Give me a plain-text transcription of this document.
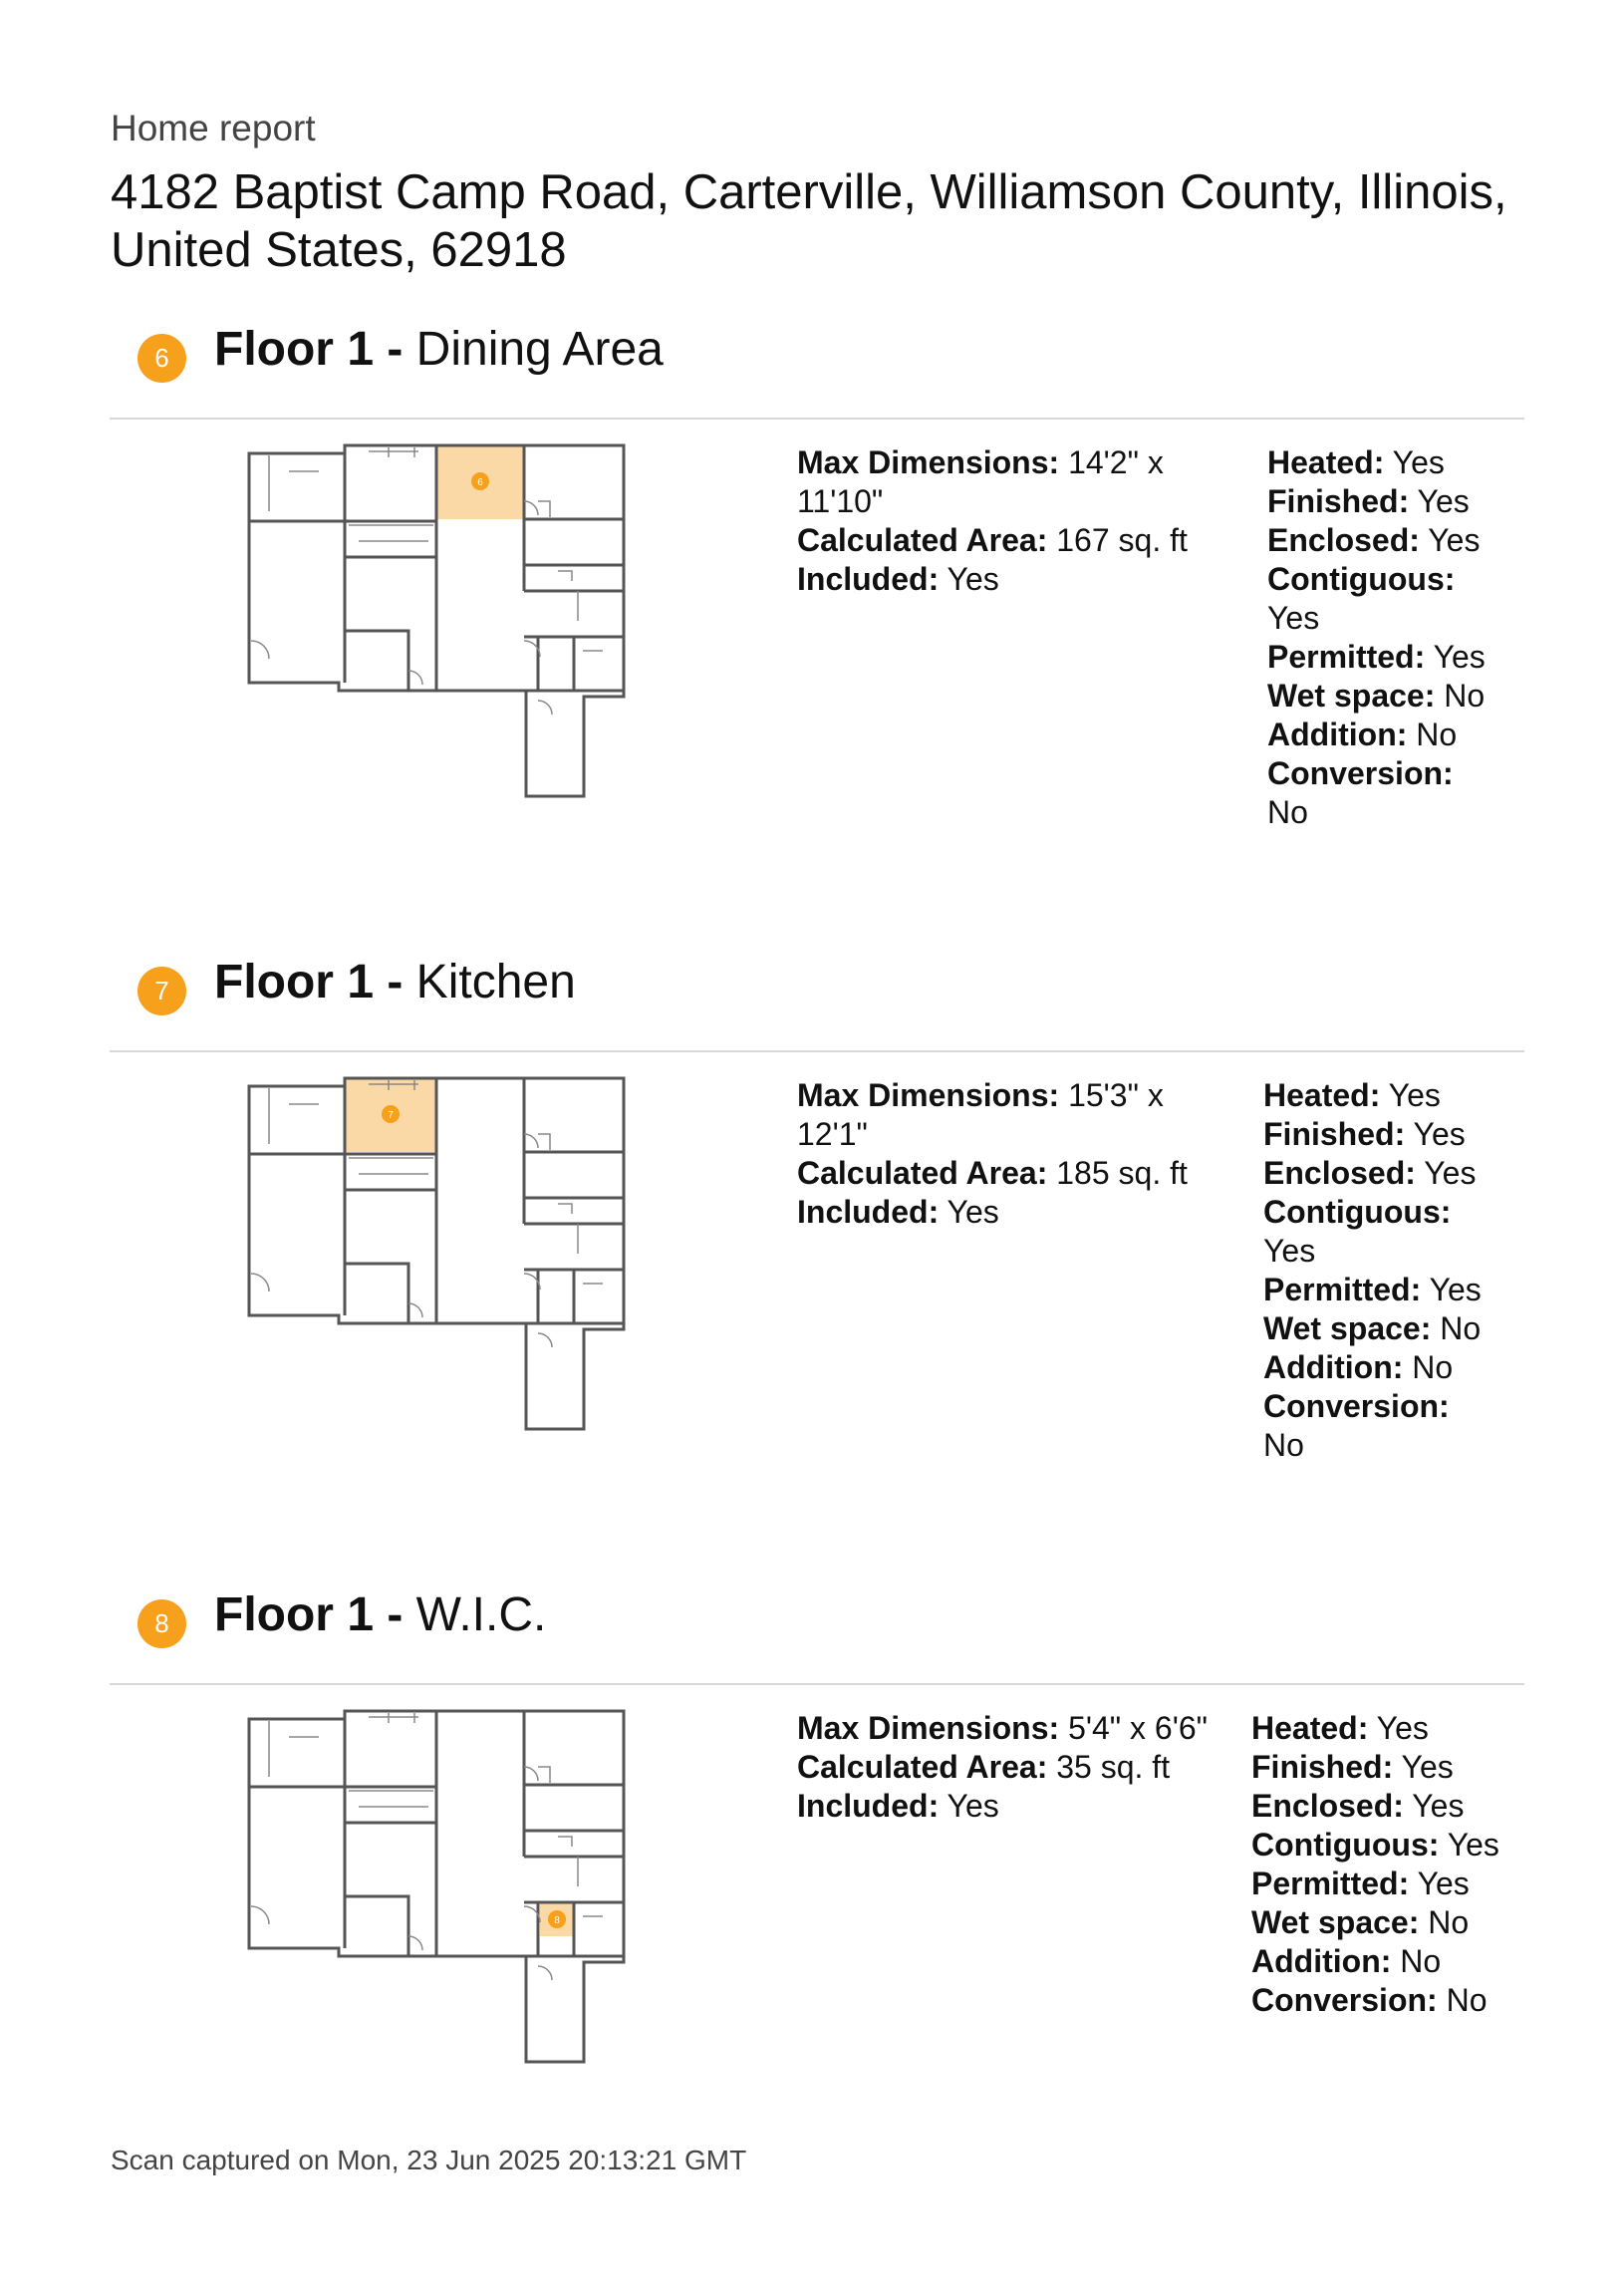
Home report
4182 Baptist Camp Road, Carterville, Williamson County, Illinois, United States, 62918
6 Floor 1 - Dining Area
6
Max Dimensions: 14'2" x 11'10"
Calculated Area: 167 sq. ft
Included: Yes
Heated: Yes
Finished: Yes
Enclosed: Yes
Contiguous: Yes
Permitted: Yes
Wet space: No
Addition: No
Conversion: No
7 Floor 1 - Kitchen
7
Max Dimensions: 15'3" x 12'1"
Calculated Area: 185 sq. ft
Included: Yes
Heated: Yes
Finished: Yes
Enclosed: Yes
Contiguous: Yes
Permitted: Yes
Wet space: No
Addition: No
Conversion: No
8 Floor 1 - W.I.C.
8
Max Dimensions: 5'4" x 6'6"
Calculated Area: 35 sq. ft
Included: Yes
Heated: Yes
Finished: Yes
Enclosed: Yes
Contiguous: Yes
Permitted: Yes
Wet space: No
Addition: No
Conversion: No
Scan captured on Mon, 23 Jun 2025 20:13:21 GMT
